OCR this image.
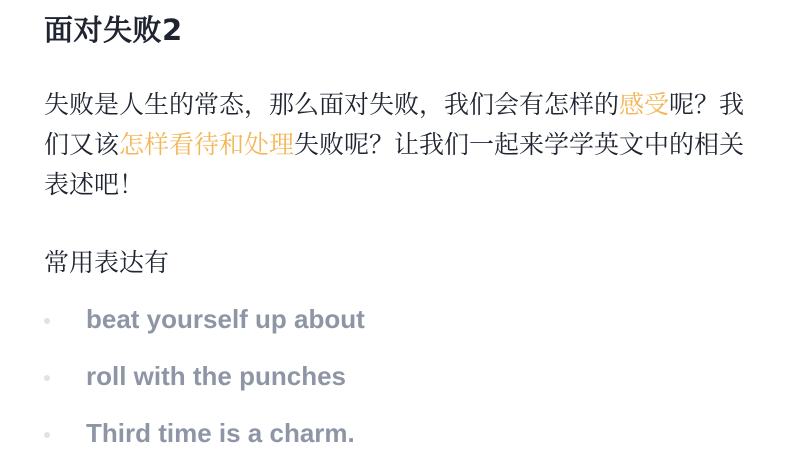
面对失败2

失败是人生的常态，那么面对失败，我们会有怎样的感受呢？我们又该怎样看待和处理失败呢？让我们一起来学学英文中的相关表述吧！

常用表达有

beat yourself up about
roll with the punches
Third time is a charm.
